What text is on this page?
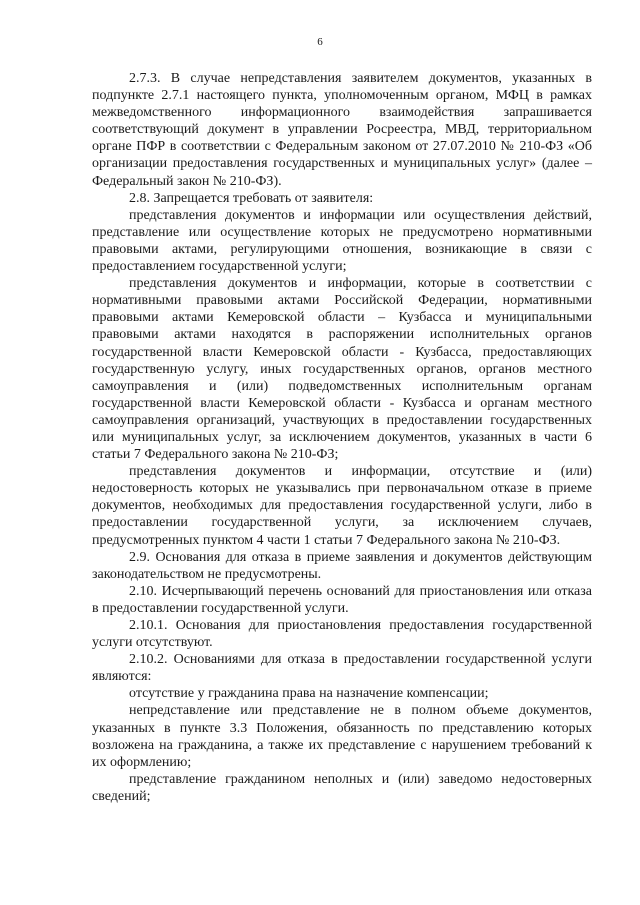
6

2.7.3. В случае непредставления заявителем документов, указанных в подпункте 2.7.1 настоящего пункта, уполномоченным органом, МФЦ в рамках межведомственного информационного взаимодействия запрашивается соответствующий документ в управлении Росреестра, МВД, территориальном органе ПФР в соответствии с Федеральным законом от 27.07.2010 № 210-ФЗ «Об организации предоставления государственных и муниципальных услуг» (далее – Федеральный закон № 210-ФЗ).

2.8. Запрещается требовать от заявителя:

представления документов и информации или осуществления действий, представление или осуществление которых не предусмотрено нормативными правовыми актами, регулирующими отношения, возникающие в связи с предоставлением государственной услуги;

представления документов и информации, которые в соответствии с нормативными правовыми актами Российской Федерации, нормативными правовыми актами Кемеровской области – Кузбасса и муниципальными правовыми актами находятся в распоряжении исполнительных органов государственной власти Кемеровской области - Кузбасса, предоставляющих государственную услугу, иных государственных органов, органов местного самоуправления и (или) подведомственных исполнительным органам государственной власти Кемеровской области - Кузбасса и органам местного самоуправления организаций, участвующих в предоставлении государственных или муниципальных услуг, за исключением документов, указанных в части 6 статьи 7 Федерального закона № 210-ФЗ;

представления документов и информации, отсутствие и (или) недостоверность которых не указывались при первоначальном отказе в приеме документов, необходимых для предоставления государственной услуги, либо в предоставлении государственной услуги, за исключением случаев, предусмотренных пунктом 4 части 1 статьи 7 Федерального закона № 210-ФЗ.

2.9. Основания для отказа в приеме заявления и документов действующим законодательством не предусмотрены.

2.10. Исчерпывающий перечень оснований для приостановления или отказа в предоставлении государственной услуги.

2.10.1. Основания для приостановления предоставления государственной услуги отсутствуют.

2.10.2. Основаниями для отказа в предоставлении государственной услуги являются:

отсутствие у гражданина права на назначение компенсации;

непредставление или представление не в полном объеме документов, указанных в пункте 3.3 Положения, обязанность по представлению которых возложена на гражданина, а также их представление с нарушением требований к их оформлению;

представление гражданином неполных и (или) заведомо недостоверных сведений;
